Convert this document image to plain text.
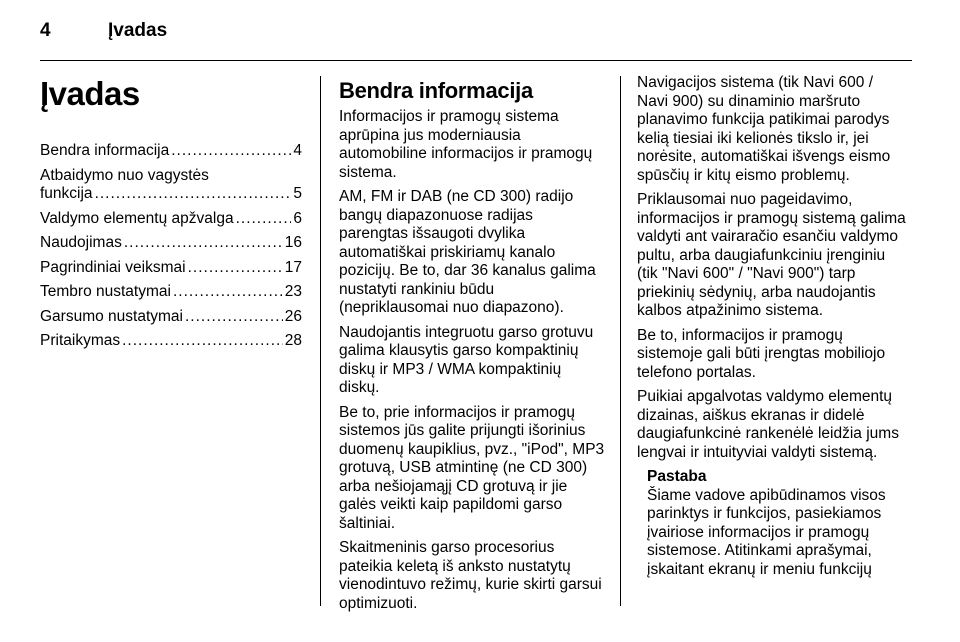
4	Įvadas
Įvadas
Bendra informacija .....	4
Atbaidymo nuo vagystės
funkcija .....	5
Valdymo elementų apžvalga .....	6
Naudojimas .....	16
Pagrindiniai veiksmai .....	17
Tembro nustatymai .....	23
Garsumo nustatymai .....	26
Pritaikymas .....	28
Bendra informacija

Informacijos ir pramogų sistema aprūpina jus moderniausia automobiline informacijos ir pramogų sistema.

AM, FM ir DAB (ne CD 300) radijo bangų diapazonuose radijas parengtas išsaugoti dvylika automatiškai priskiriamų kanalo pozicijų. Be to, dar 36 kanalus galima nustatyti rankiniu būdu (nepriklausomai nuo diapazono).

Naudojantis integruotu garso grotuvu galima klausytis garso kompaktinių diskų ir MP3 / WMA kompaktinių diskų.

Be to, prie informacijos ir pramogų sistemos jūs galite prijungti išorinius duomenų kaupiklius, pvz., "iPod", MP3 grotuvą, USB atmintinę (ne CD 300) arba nešiojamąjį CD grotuvą ir jie galės veikti kaip papildomi garso šaltiniai.

Skaitmeninis garso procesorius pateikia keletą iš anksto nustatytų vienodintuvo režimų, kurie skirti garsui optimizuoti.

Navigacijos sistema (tik Navi 600 / Navi 900) su dinaminio maršruto planavimo funkcija patikimai parodys kelią tiesiai iki kelionės tikslo ir, jei norėsite, automatiškai išvengs eismo spūsčių ir kitų eismo problemų.

Priklausomai nuo pageidavimo, informacijos ir pramogų sistemą galima valdyti ant vairaračio esančiu valdymo pultu, arba daugiafunkciniu įrenginiu (tik "Navi 600" / "Navi 900") tarp priekinių sėdynių, arba naudojantis kalbos atpažinimo sistema.

Be to, informacijos ir pramogų sistemoje gali būti įrengtas mobiliojo telefono portalas.

Puikiai apgalvotas valdymo elementų dizainas, aiškus ekranas ir didelė daugiafunkcinė rankenėlė leidžia jums lengvai ir intuityviai valdyti sistemą.

Pastaba
Šiame vadove apibūdinamos visos parinktys ir funkcijos, pasiekiamos įvairiose informacijos ir pramogų sistemose. Atitinkami aprašymai, įskaitant ekranų ir meniu funkcijų
